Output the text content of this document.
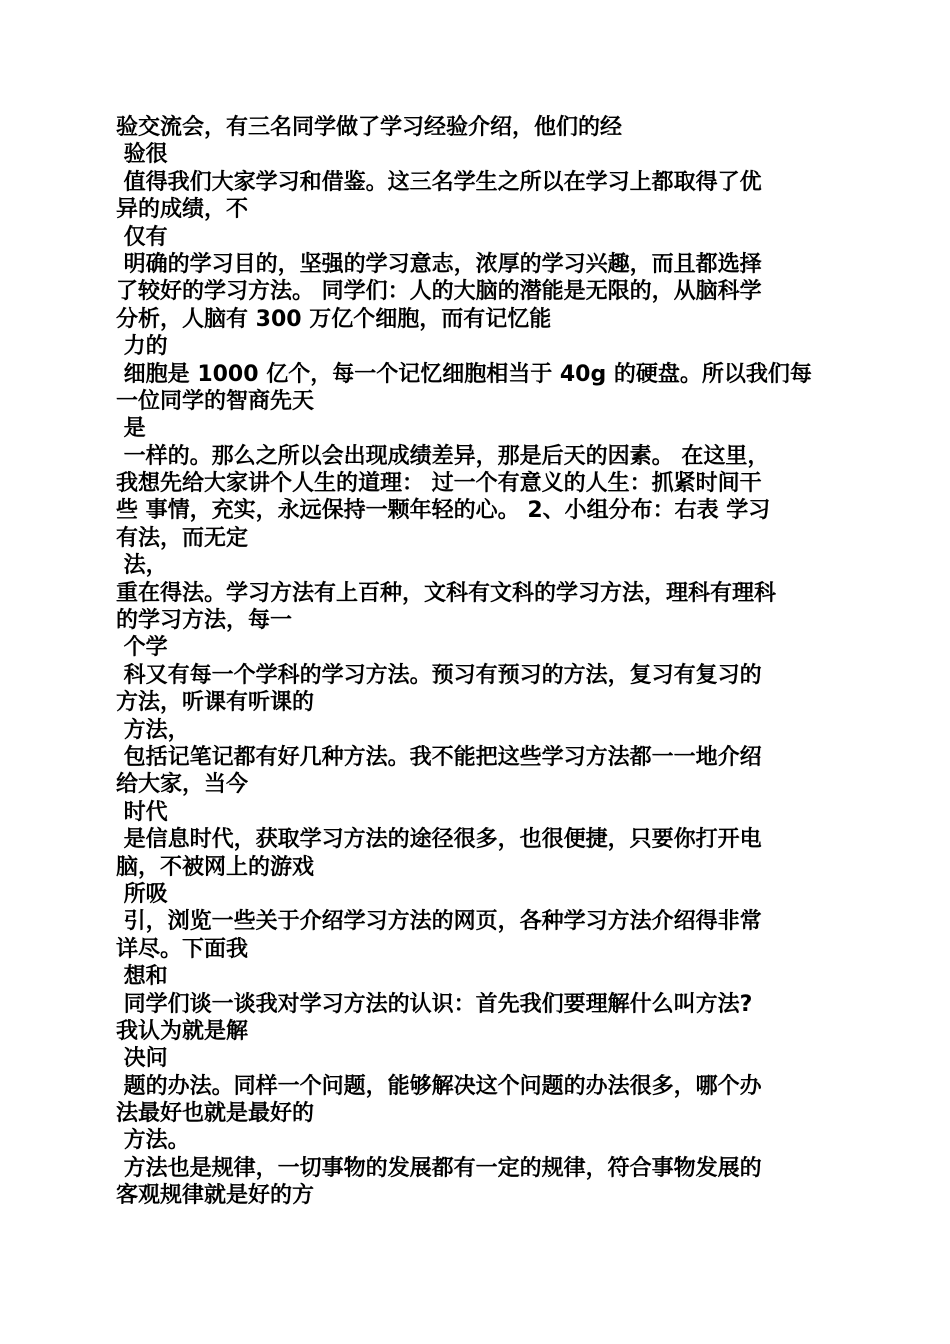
验交流会，有三名同学做了学习经验介绍，他们的经
验很
值得我们大家学习和借鉴。这三名学生之所以在学习上都取得了优
异的成绩，不
仅有
明确的学习目的，坚强的学习意志，浓厚的学习兴趣，而且都选择
了较好的学习方法。 同学们：人的大脑的潜能是无限的，从脑科学
分析，人脑有 300 万亿个细胞，而有记忆能
力的
细胞是 1000 亿个，每一个记忆细胞相当于 40g 的硬盘。所以我们每
一位同学的智商先天
是
一样的。那么之所以会出现成绩差异，那是后天的因素。 在这里，
我想先给大家讲个人生的道理： 过一个有意义的人生：抓紧时间干
些 事情，充实，永远保持一颗年轻的心。 2、小组分布：右表 学习
有法，而无定
法，
重在得法。学习方法有上百种，文科有文科的学习方法，理科有理科
的学习方法，每一
个学
科又有每一个学科的学习方法。预习有预习的方法，复习有复习的
方法，听课有听课的
方法，
包括记笔记都有好几种方法。我不能把这些学习方法都一一地介绍
给大家，当今
时代
是信息时代，获取学习方法的途径很多，也很便捷，只要你打开电
脑，不被网上的游戏
所吸
引，浏览一些关于介绍学习方法的网页，各种学习方法介绍得非常
详尽。下面我
想和
同学们谈一谈我对学习方法的认识：首先我们要理解什么叫方法?
我认为就是解
决问
题的办法。同样一个问题，能够解决这个问题的办法很多，哪个办
法最好也就是最好的
方法。
方法也是规律，一切事物的发展都有一定的规律，符合事物发展的
客观规律就是好的方
